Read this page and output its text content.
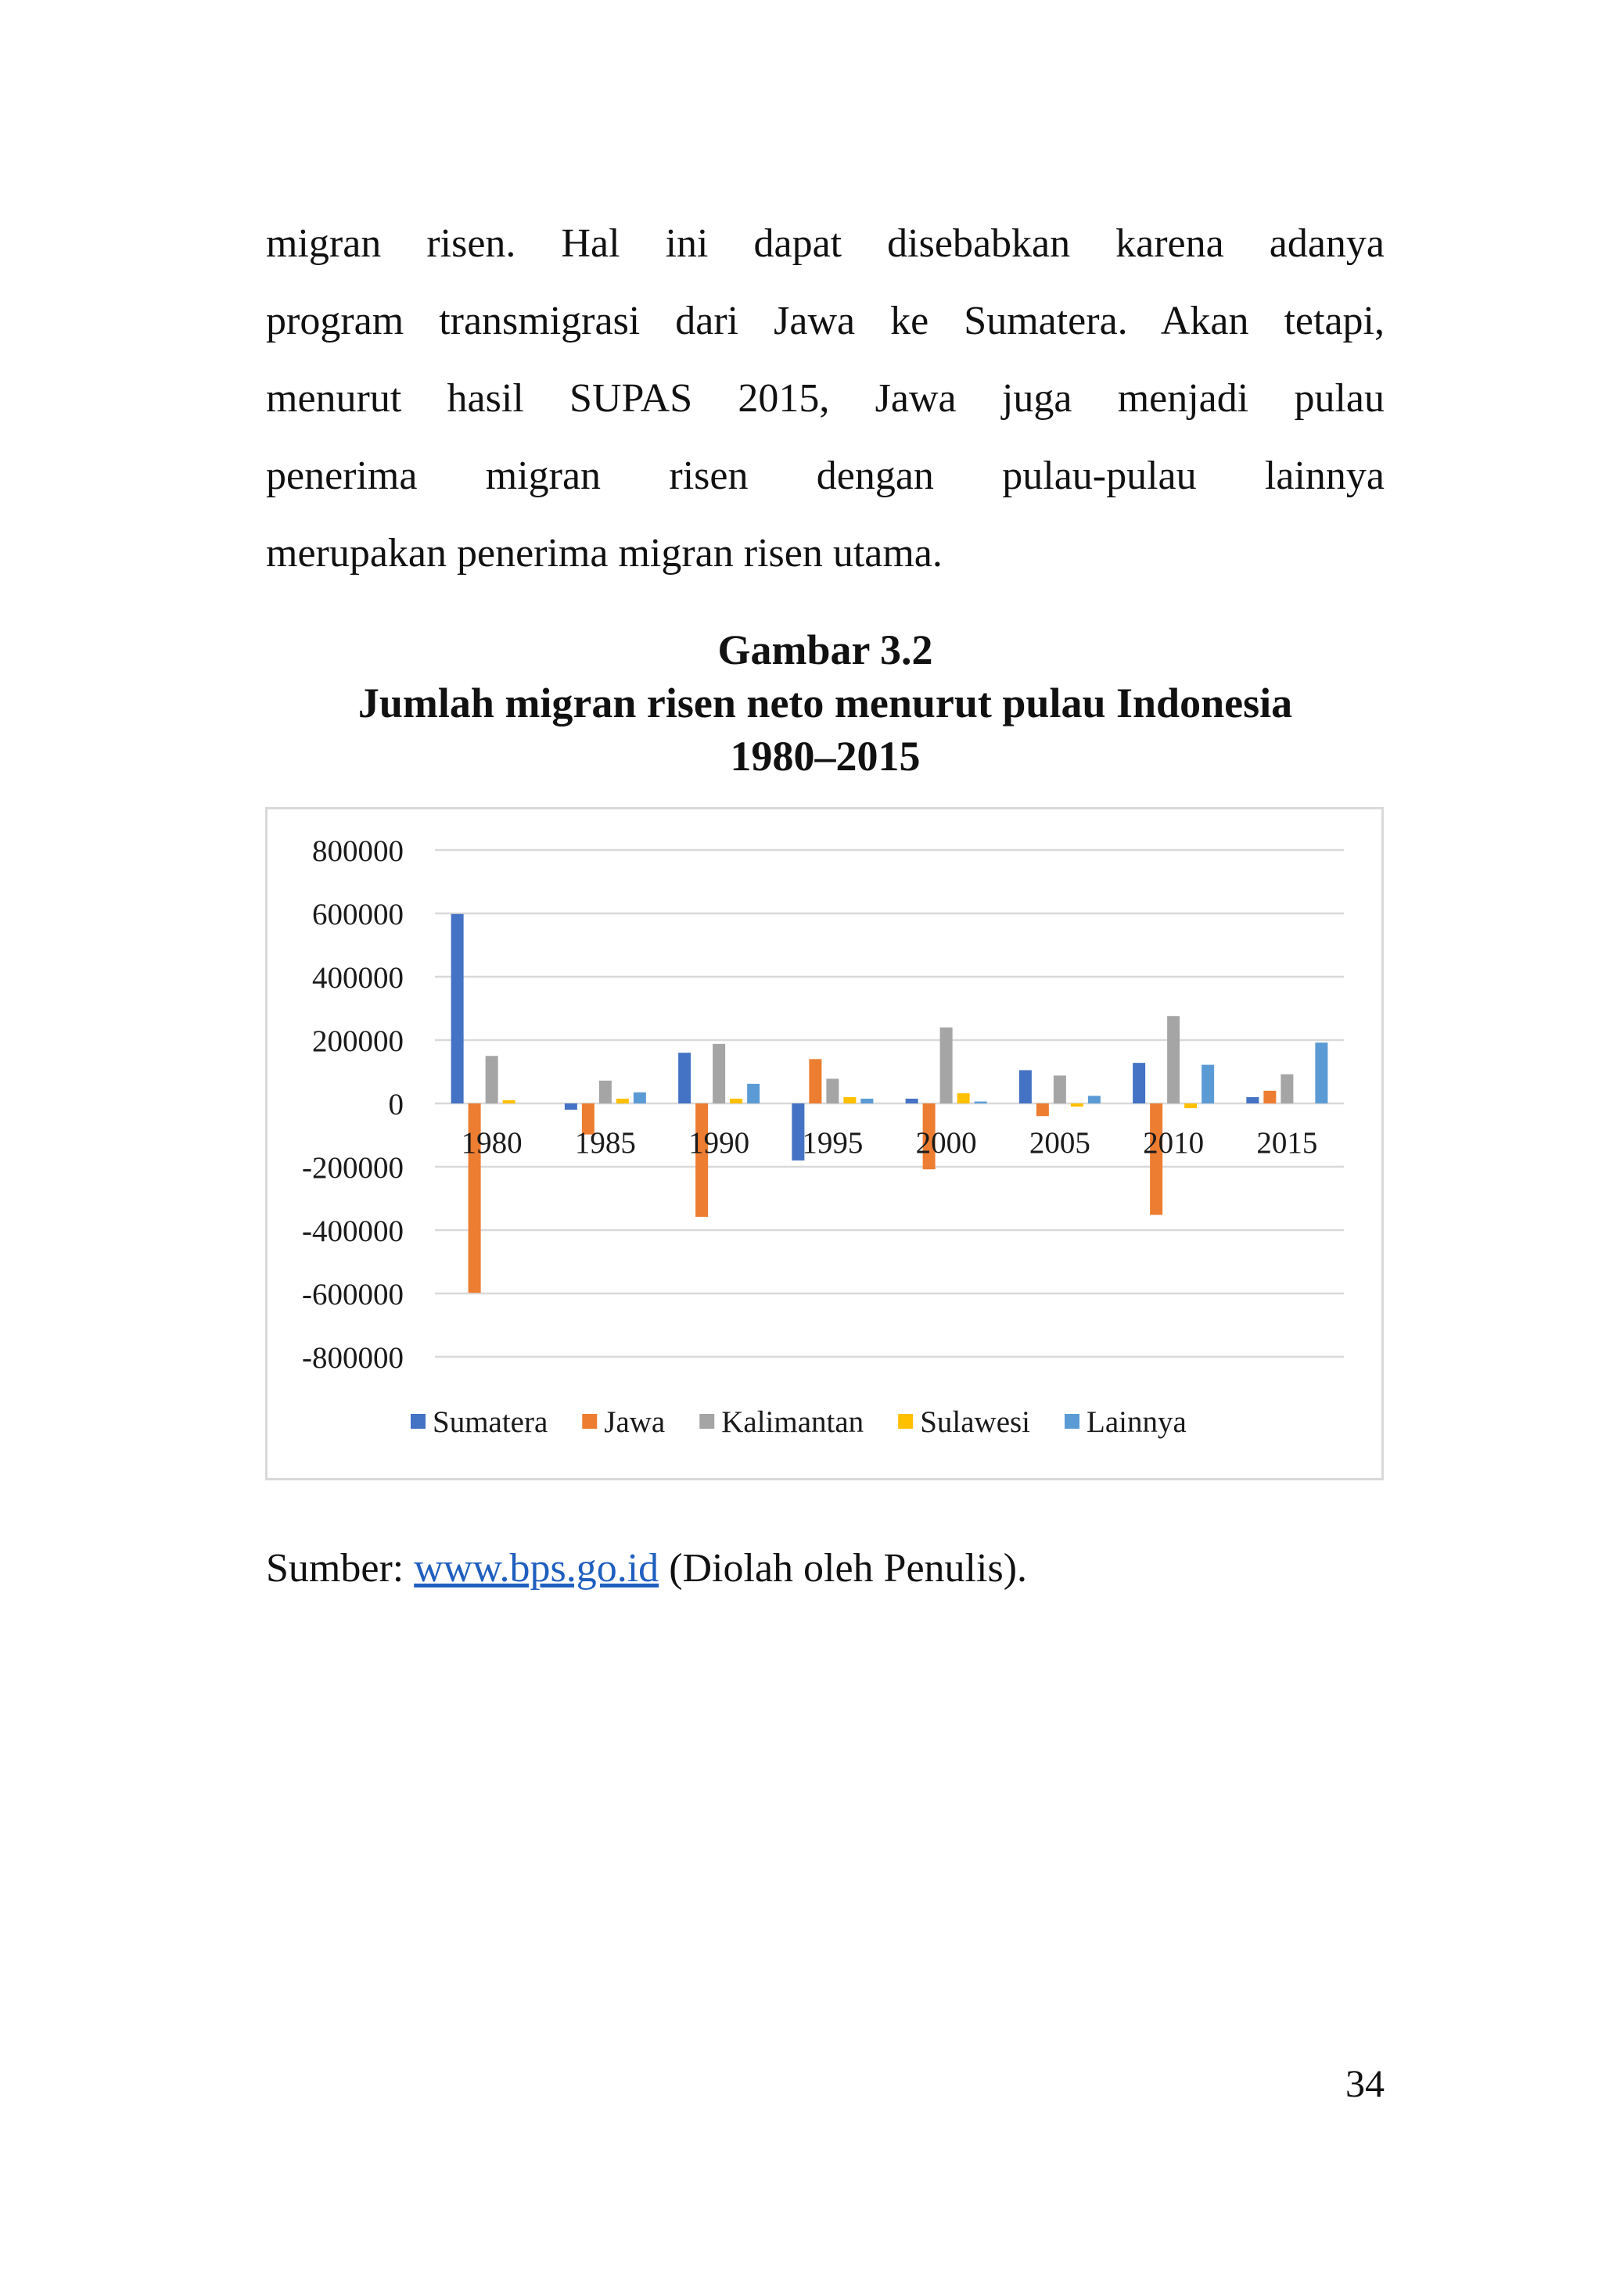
migran risen. Hal ini dapat disebabkan karena adanya
program transmigrasi dari Jawa ke Sumatera. Akan tetapi,
menurut hasil SUPAS 2015, Jawa juga menjadi pulau
penerima migran risen dengan pulau-pulau lainnya
merupakan penerima migran risen utama.
Gambar 3.2
Jumlah migran risen neto menurut pulau Indonesia
1980–2015
800000
600000
400000
200000
0
-200000
-400000
-600000
-800000
1980 1985 1990 1995 2000 2005 2010 2015
Sumatera Jawa Kalimantan Sulawesi Lainnya
Sumber: www.bps.go.id (Diolah oleh Penulis).
34
